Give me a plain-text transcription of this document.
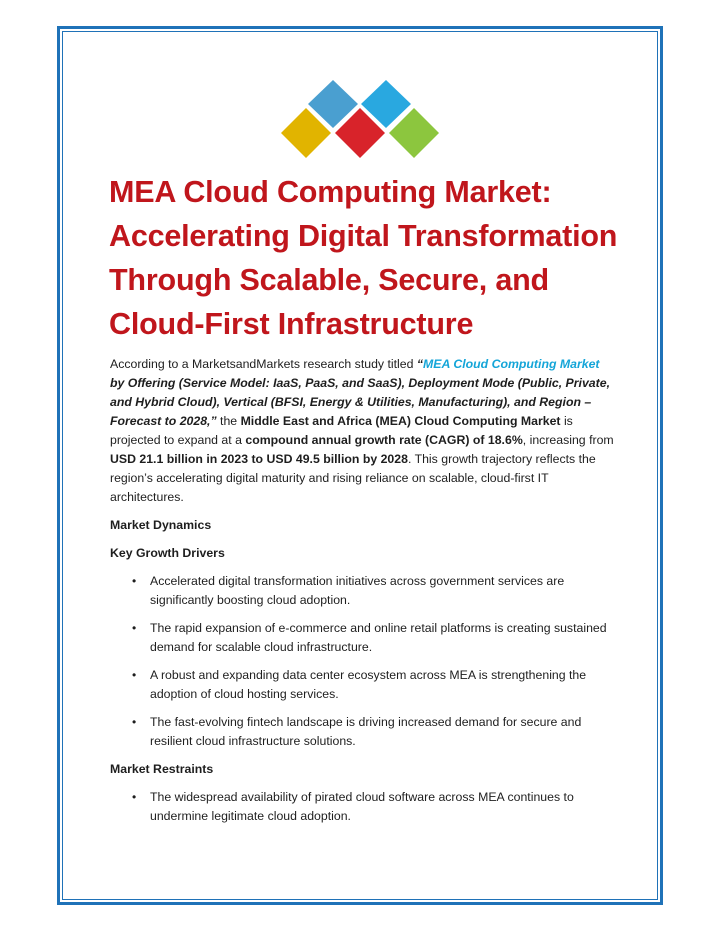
MEA Cloud Computing Market:
Accelerating Digital Transformation
Through Scalable, Secure, and
Cloud-First Infrastructure

According to a MarketsandMarkets research study titled “MEA Cloud Computing Market by Offering (Service Model: IaaS, PaaS, and SaaS), Deployment Mode (Public, Private, and Hybrid Cloud), Vertical (BFSI, Energy & Utilities, Manufacturing), and Region – Forecast to 2028,” the Middle East and Africa (MEA) Cloud Computing Market is projected to expand at a compound annual growth rate (CAGR) of 18.6%, increasing from USD 21.1 billion in 2023 to USD 49.5 billion by 2028. This growth trajectory reflects the region’s accelerating digital maturity and rising reliance on scalable, cloud-first IT architectures.

Market Dynamics

Key Growth Drivers

• Accelerated digital transformation initiatives across government services are significantly boosting cloud adoption.
• The rapid expansion of e-commerce and online retail platforms is creating sustained demand for scalable cloud infrastructure.
• A robust and expanding data center ecosystem across MEA is strengthening the adoption of cloud hosting services.
• The fast-evolving fintech landscape is driving increased demand for secure and resilient cloud infrastructure solutions.

Market Restraints

• The widespread availability of pirated cloud software across MEA continues to undermine legitimate cloud adoption.
